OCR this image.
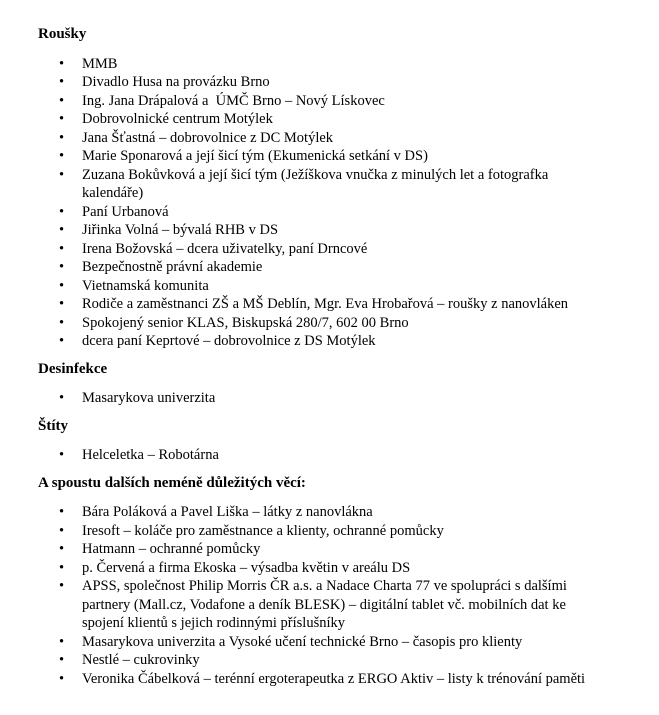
Roušky
• MMB
• Divadlo Husa na provázku Brno
• Ing. Jana Drápalová a  ÚMČ Brno – Nový Lískovec
• Dobrovolnické centrum Motýlek
• Jana Šťastná – dobrovolnice z DC Motýlek
• Marie Sponarová a její šicí tým (Ekumenická setkání v DS)
• Zuzana Bokůvková a její šicí tým (Ježíškova vnučka z minulých let a fotografka kalendáře)
• Paní Urbanová
• Jiřinka Volná – bývalá RHB v DS
• Irena Božovská – dcera uživatelky, paní Drncové
• Bezpečnostně právní akademie
• Vietnamská komunita
• Rodiče a zaměstnanci ZŠ a MŠ Deblín, Mgr. Eva Hrobařová – roušky z nanovláken
• Spokojený senior KLAS, Biskupská 280/7, 602 00 Brno
• dcera paní Keprtové – dobrovolnice z DS Motýlek
Desinfekce
• Masarykova univerzita
Štíty
• Helceletka – Robotárna
A spoustu dalších neméně důležitých věcí:
• Bára Poláková a Pavel Liška – látky z nanovlákna
• Iresoft – koláče pro zaměstnance a klienty, ochranné pomůcky
• Hatmann – ochranné pomůcky
• p. Červená a firma Ekoska – výsadba květin v areálu DS
• APSS, společnost Philip Morris ČR a.s. a Nadace Charta 77 ve spolupráci s dalšími partnery (Mall.cz, Vodafone a deník BLESK) – digitální tablet vč. mobilních dat ke spojení klientů s jejich rodinnými příslušníky
• Masarykova univerzita a Vysoké učení technické Brno – časopis pro klienty
• Nestlé – cukrovinky
• Veronika Čábelková – terénní ergoterapeutka z ERGO Aktiv – listy k trénování paměti
